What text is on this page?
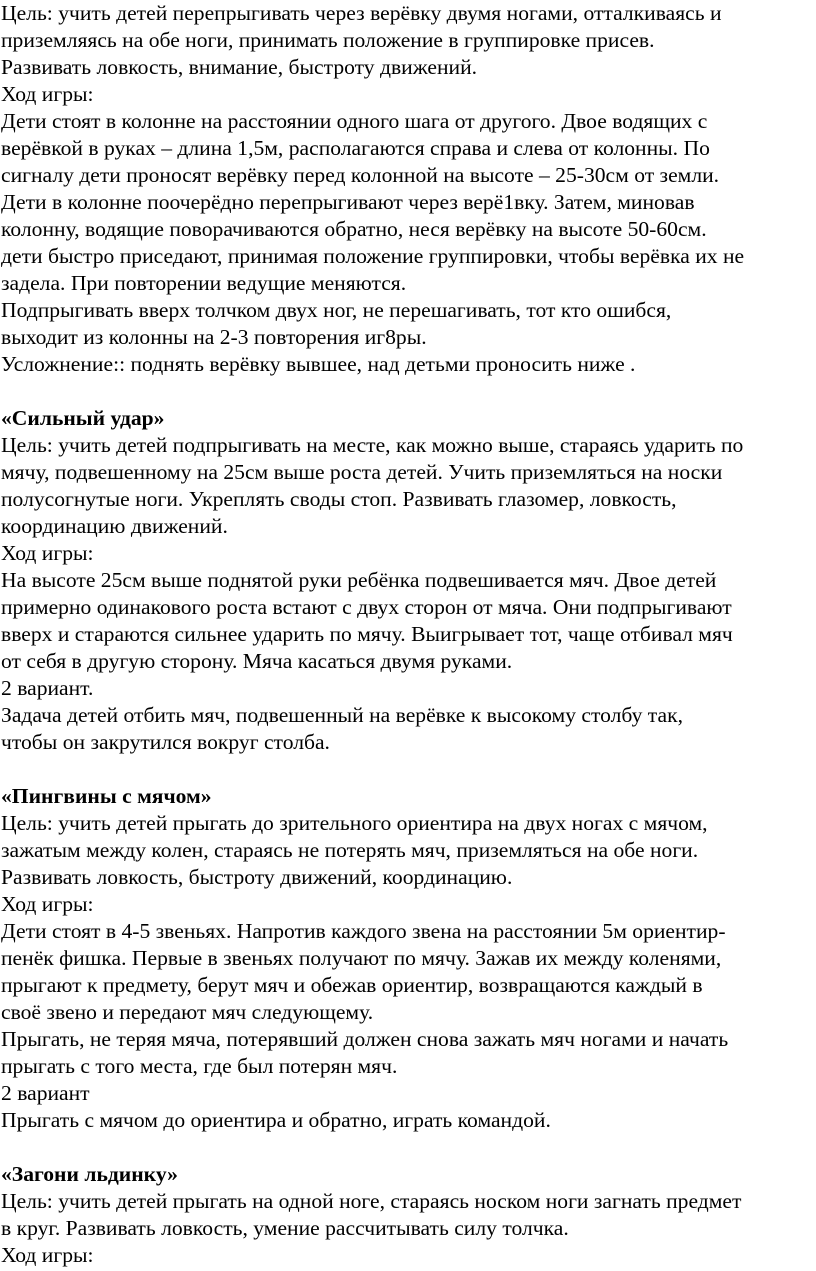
Цель: учить детей перепрыгивать через верёвку двумя ногами, отталкиваясь и
приземляясь на обе ноги, принимать положение в группировке присев.
Развивать ловкость, внимание, быстроту движений.
Ход игры:
Дети стоят в колонне на расстоянии одного шага от другого. Двое водящих с
верёвкой в руках – длина 1,5м, располагаются справа и слева от колонны. По
сигналу дети проносят верёвку перед колонной на высоте – 25-30см от земли.
Дети в колонне поочерёдно перепрыгивают через верё1вку. Затем, миновав
колонну, водящие поворачиваются обратно, неся верёвку на высоте 50-60см.
дети быстро приседают, принимая положение группировки, чтобы верёвка их не
задела. При повторении ведущие меняются.
Подпрыгивать вверх толчком двух ног, не перешагивать, тот кто ошибся,
выходит из колонны на 2-3 повторения иг8ры.
Усложнение:: поднять верёвку вывшее, над детьми проносить ниже .
«Сильный удар»
Цель: учить детей подпрыгивать на месте, как можно выше, стараясь ударить по
мячу, подвешенному на 25см выше роста детей. Учить приземляться на носки
полусогнутые ноги. Укреплять своды стоп. Развивать глазомер, ловкость,
координацию движений.
Ход игры:
На высоте 25см выше поднятой руки ребёнка подвешивается мяч. Двое детей
примерно одинакового роста встают с двух сторон от мяча. Они подпрыгивают
вверх и стараются сильнее ударить по мячу. Выигрывает тот, чаще отбивал мяч
от себя в другую сторону. Мяча касаться двумя руками.
2 вариант.
Задача детей отбить мяч, подвешенный на верёвке к высокому столбу так,
чтобы он закрутился вокруг столба.
«Пингвины с мячом»
Цель: учить детей прыгать до зрительного ориентира на двух ногах с мячом,
зажатым между колен, стараясь не потерять мяч, приземляться на обе ноги.
Развивать ловкость, быстроту движений, координацию.
Ход игры:
Дети стоят в 4-5 звеньях. Напротив каждого звена на расстоянии 5м ориентир-
пенёк фишка. Первые в звеньях получают по мячу. Зажав их между коленями,
прыгают к предмету, берут мяч и обежав ориентир, возвращаются каждый в
своё звено и передают мяч следующему.
Прыгать, не теряя мяча, потерявший должен снова зажать мяч ногами и начать
прыгать с того места, где был потерян мяч.
2 вариант
Прыгать с мячом до ориентира и обратно, играть командой.
«Загони льдинку»
Цель: учить детей прыгать на одной ноге, стараясь носком ноги загнать предмет
в круг. Развивать ловкость, умение рассчитывать силу толчка.
Ход игры:
